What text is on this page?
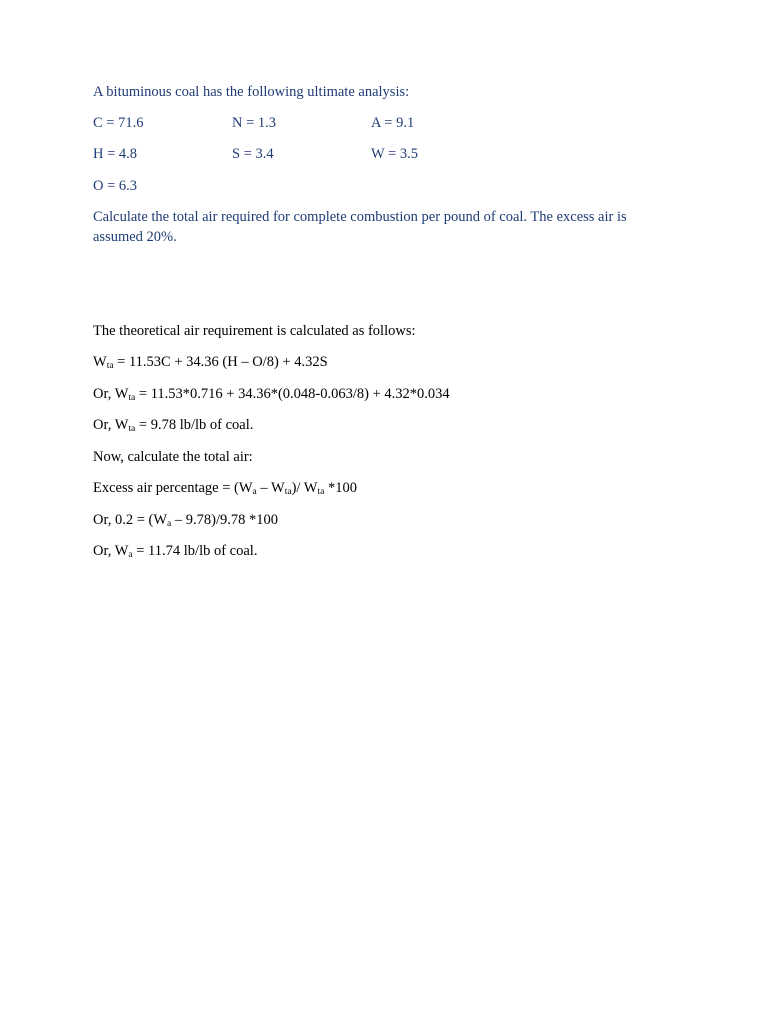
A bituminous coal has the following ultimate analysis:
C = 71.6	N = 1.3	A = 9.1
H = 4.8	S = 3.4	W = 3.5
O = 6.3
Calculate the total air required for complete combustion per pound of coal. The excess air is assumed 20%.
The theoretical air requirement is calculated as follows:
$W_{ta} = 11.53C + 34.36$ (H – O/8) + 4.32S
Or, $W_{ta} = 11.53*0.716 + 34.36*(0.048-0.063/8) + 4.32*0.034$
Or, $W_{ta} = 9.78$ lb/lb of coal.
Now, calculate the total air:
Excess air percentage = $(W_a - W_{ta})/$ $W_{ta}$ *100
Or, $0.2 = (W_a - 9.78)/9.78$ *100
Or, $W_a = 11.74$ lb/lb of coal.
